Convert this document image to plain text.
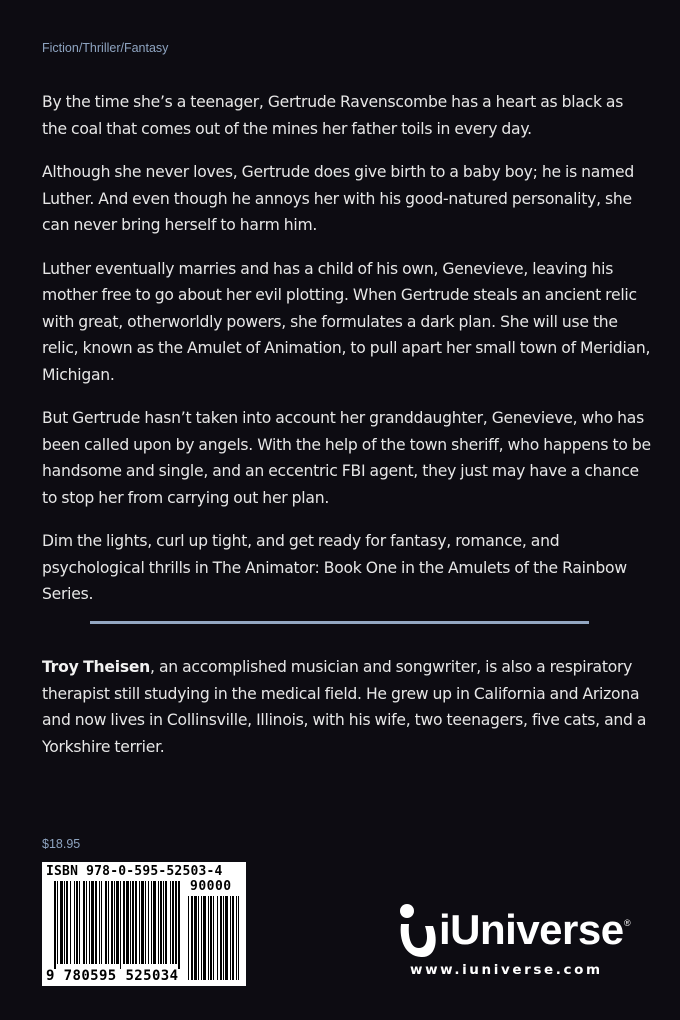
Fiction/Thriller/Fantasy

By the time she’s a teenager, Gertrude Ravenscombe has a heart as black as the coal that comes out of the mines her father toils in every day.

Although she never loves, Gertrude does give birth to a baby boy; he is named Luther. And even though he annoys her with his good-natured personality, she can never bring herself to harm him.

Luther eventually marries and has a child of his own, Genevieve, leaving his mother free to go about her evil plotting. When Gertrude steals an ancient relic with great, otherworldly powers, she formulates a dark plan. She will use the relic, known as the Amulet of Animation, to pull apart her small town of Meridian, Michigan.

But Gertrude hasn’t taken into account her granddaughter, Genevieve, who has been called upon by angels. With the help of the town sheriff, who happens to be handsome and single, and an eccentric FBI agent, they just may have a chance to stop her from carrying out her plan.

Dim the lights, curl up tight, and get ready for fantasy, romance, and psychological thrills in The Animator: Book One in the Amulets of the Rainbow Series.

Troy Theisen, an accomplished musician and songwriter, is also a respiratory therapist still studying in the medical field. He grew up in California and Arizona and now lives in Collinsville, Illinois, with his wife, two teenagers, five cats, and a Yorkshire terrier.

$18.95
ISBN 978-0-595-52503-4
90000
9 780595 525034
iUniverse ®
www.iuniverse.com
